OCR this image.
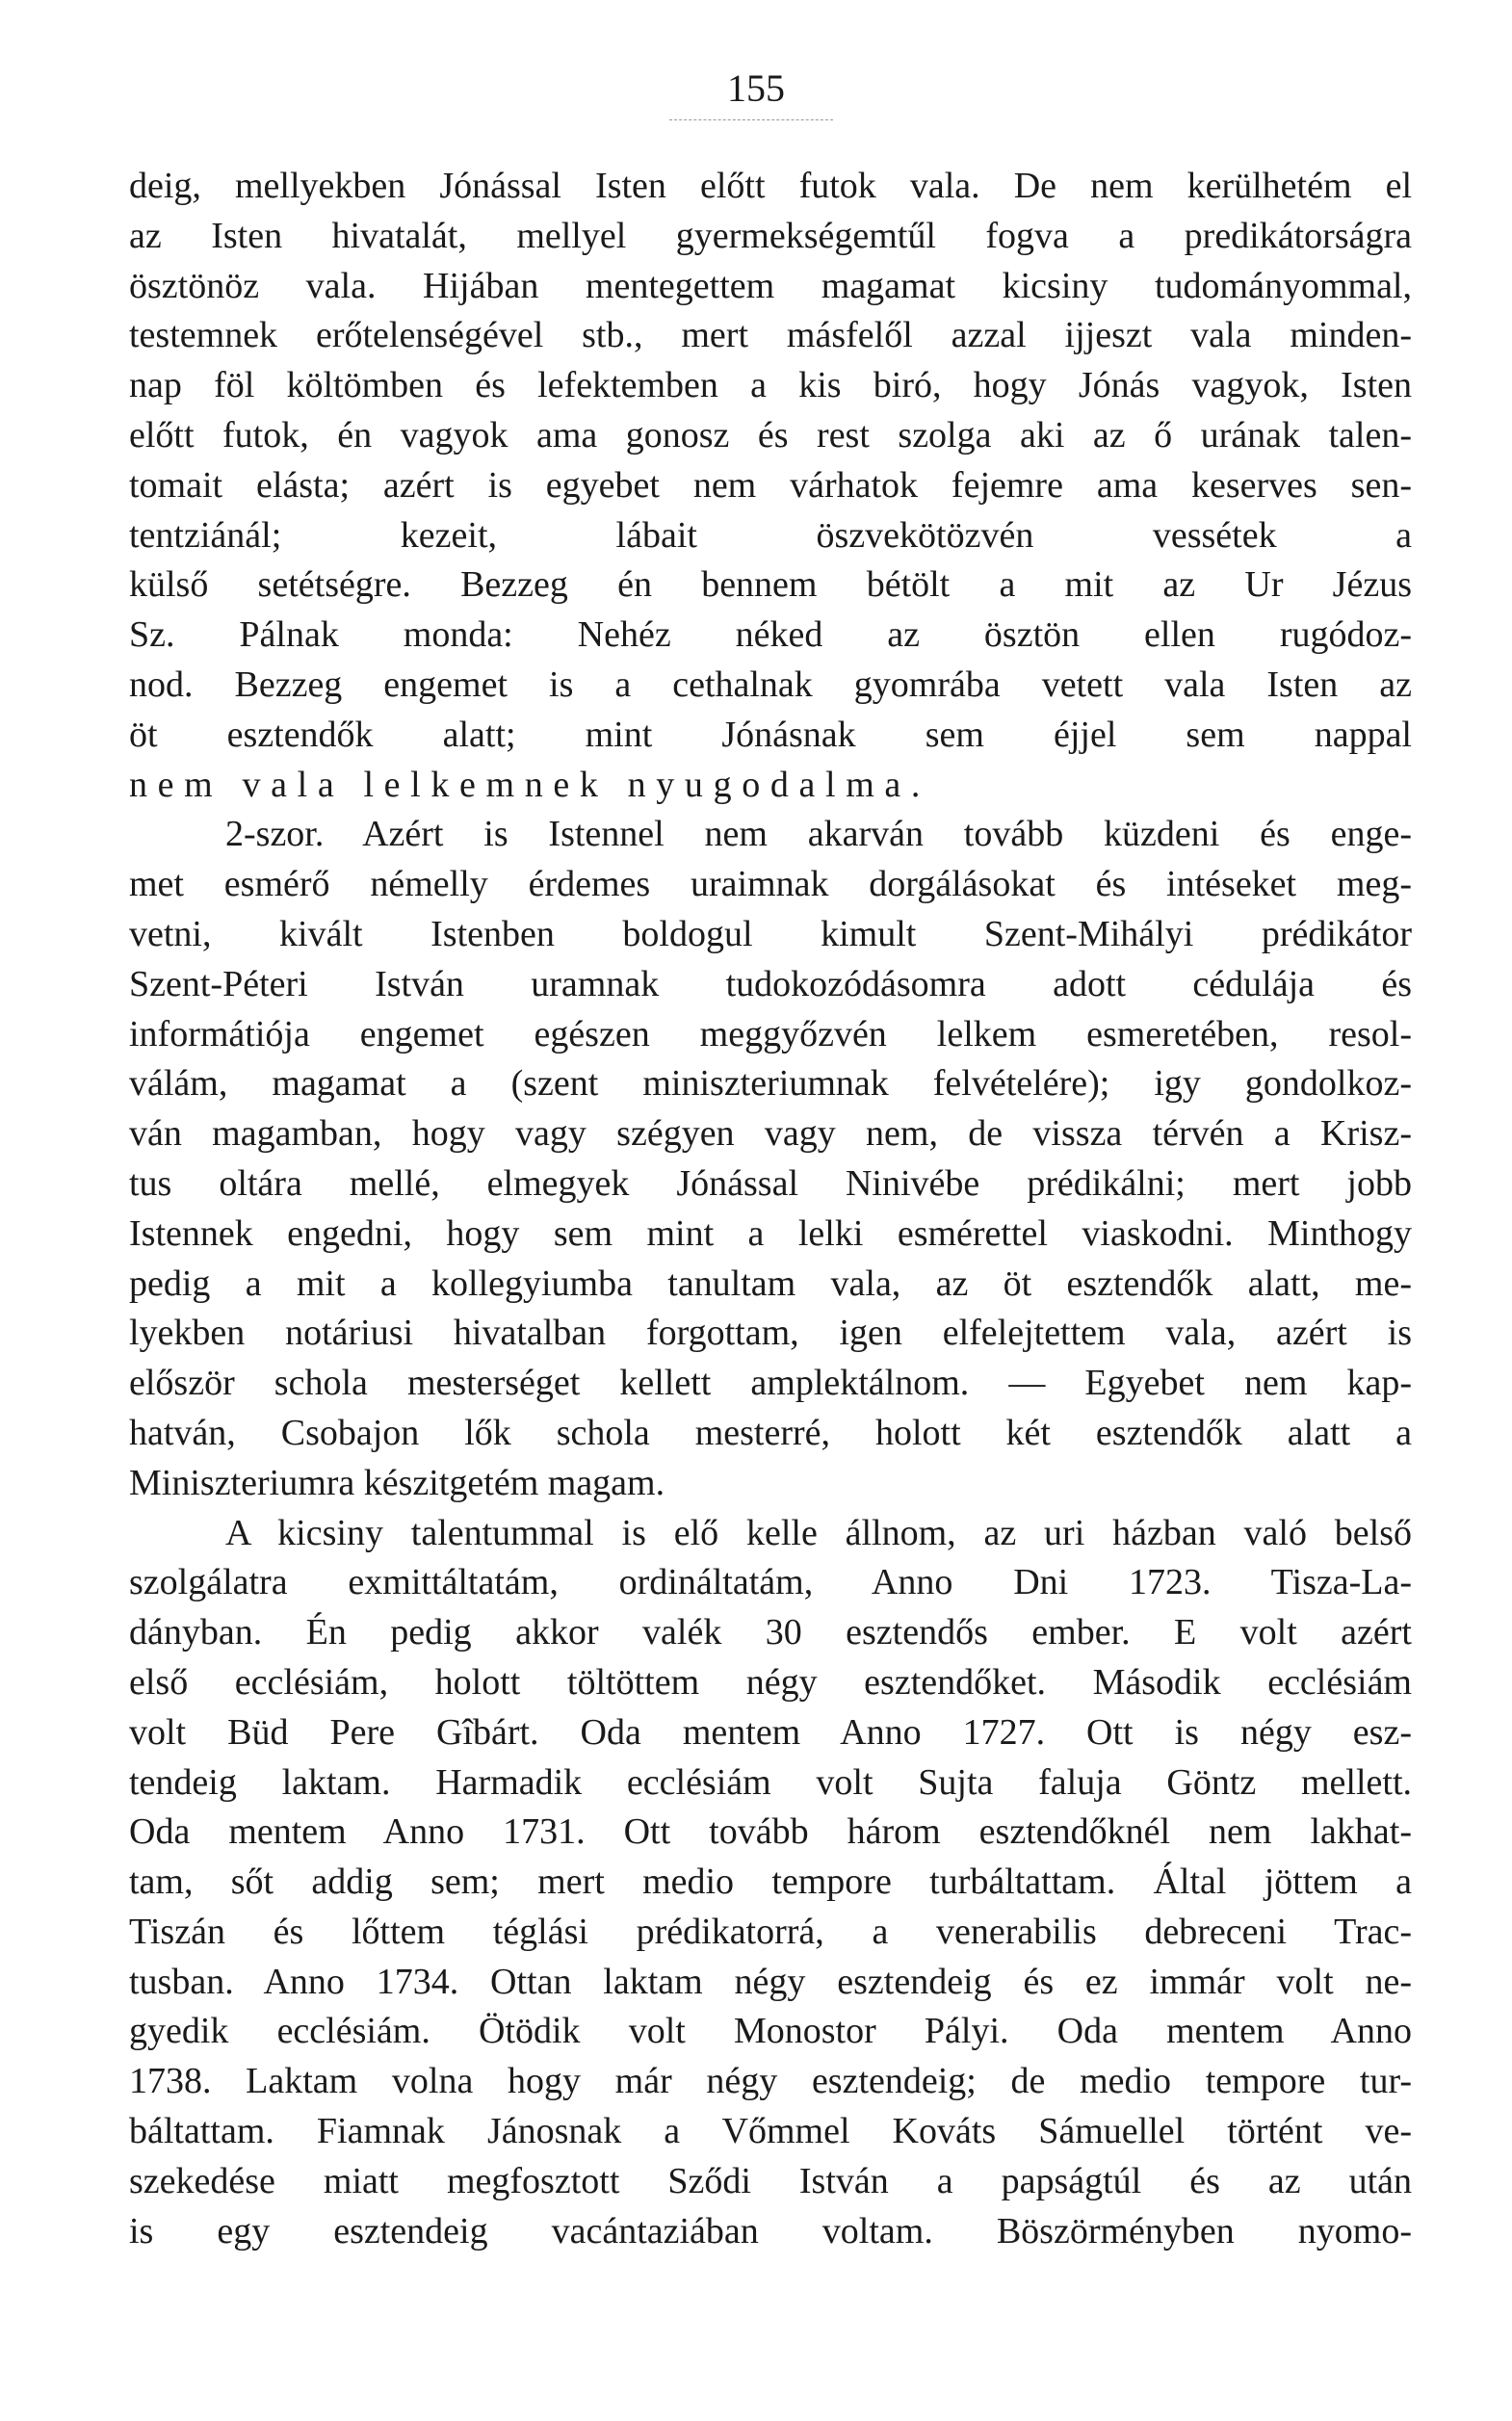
155
deig, mellyekben Jónással Isten előtt futok vala. De nem kerülhetém el
az Isten hivatalát, mellyel gyermekségemtűl fogva a predikátorságra
ösztönöz vala. Hijában mentegettem magamat kicsiny tudományommal,
testemnek erőtelenségével stb., mert másfelől azzal ijjeszt vala minden-
nap föl költömben és lefektemben a kis biró, hogy Jónás vagyok, Isten
előtt futok, én vagyok ama gonosz és rest szolga aki az ő urának talen-
tomait elásta; azért is egyebet nem várhatok fejemre ama keserves sen-
tentziánál; kezeit, lábait öszvekötözvén vessétek a
külső setétségre. Bezzeg én bennem bétölt a mit az Ur Jézus
Sz. Pálnak monda: Nehéz néked az ösztön ellen rugódoz-
nod. Bezzeg engemet is a cethalnak gyomrába vetett vala Isten az
öt esztendők alatt; mint Jónásnak sem éjjel sem nappal
nem vala lelkemnek nyugodalma.
2-szor. Azért is Istennel nem akarván tovább küzdeni és enge-
met esmérő némelly érdemes uraimnak dorgálásokat és intéseket meg-
vetni, kivált Istenben boldogul kimult Szent-Mihályi prédikátor
Szent-Péteri István uramnak tudokozódásomra adott cédulája és
informátiója engemet egészen meggyőzvén lelkem esmeretében, resol-
válám, magamat a (szent miniszteriumnak felvételére); igy gondolkoz-
ván magamban, hogy vagy szégyen vagy nem, de vissza térvén a Krisz-
tus oltára mellé, elmegyek Jónással Ninivébe prédikálni; mert jobb
Istennek engedni, hogy sem mint a lelki esmérettel viaskodni. Minthogy
pedig a mit a kollegyiumba tanultam vala, az öt esztendők alatt, me-
lyekben notáriusi hivatalban forgottam, igen elfelejtettem vala, azért is
először schola mesterséget kellett amplektálnom. — Egyebet nem kap-
hatván, Csobajon lők schola mesterré, holott két esztendők alatt a
Miniszteriumra készitgetém magam.
A kicsiny talentummal is elő kelle állnom, az uri házban való belső
szolgálatra exmittáltatám, ordináltatám, Anno Dni 1723. Tisza-La-
dányban. Én pedig akkor valék 30 esztendős ember. E volt azért
első ecclésiám, holott töltöttem négy esztendőket. Második ecclésiám
volt Büd Pere Gîbárt. Oda mentem Anno 1727. Ott is négy esz-
tendeig laktam. Harmadik ecclésiám volt Sujta faluja Göntz mellett.
Oda mentem Anno 1731. Ott tovább három esztendőknél nem lakhat-
tam, sőt addig sem; mert medio tempore turbáltattam. Által jöttem a
Tiszán és lőttem téglási prédikatorrá, a venerabilis debreceni Trac-
tusban. Anno 1734. Ottan laktam négy esztendeig és ez immár volt ne-
gyedik ecclésiám. Ötödik volt Monostor Pályi. Oda mentem Anno
1738. Laktam volna hogy már négy esztendeig; de medio tempore tur-
báltattam. Fiamnak Jánosnak a Vőmmel Kováts Sámuellel történt ve-
szekedése miatt megfosztott Sződi István a papságtúl és az után
is egy esztendeig vacántaziában voltam. Böszörményben nyomo-
